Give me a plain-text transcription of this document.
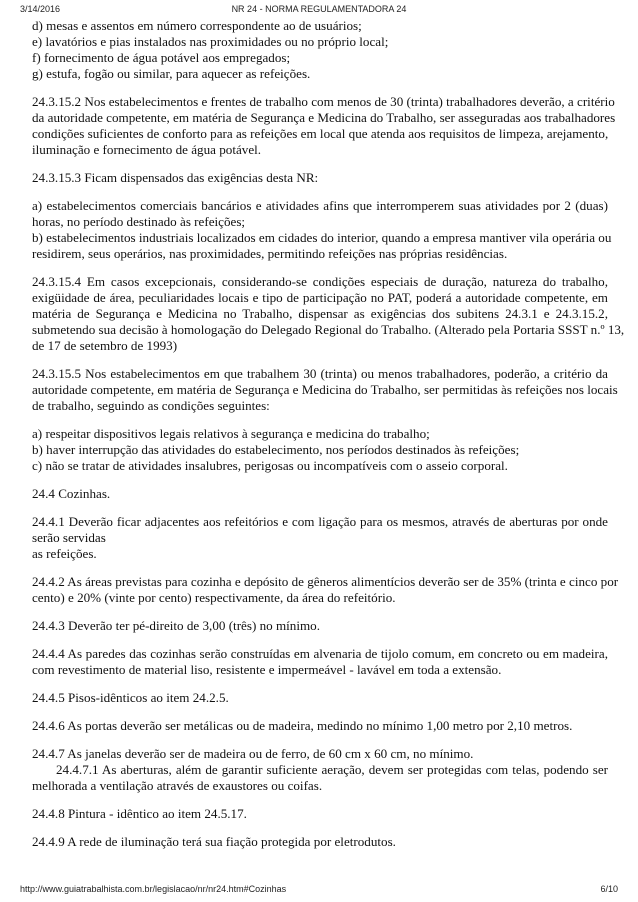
3/14/2016	NR 24 - NORMA REGULAMENTADORA 24

d) mesas e assentos em número correspondente ao de usuários;
e) lavatórios e pias instalados nas proximidades ou no próprio local;
f) fornecimento de água potável aos empregados;
g) estufa, fogão ou similar, para aquecer as refeições.

24.3.15.2 Nos estabelecimentos e frentes de trabalho com menos de 30 (trinta) trabalhadores deverão, a critério
da autoridade competente, em matéria de Segurança e Medicina do Trabalho, ser asseguradas aos trabalhadores
condições suficientes de conforto para as refeições em local que atenda aos requisitos de limpeza, arejamento,
iluminação e fornecimento de água potável.

24.3.15.3 Ficam dispensados das exigências desta NR:

a) estabelecimentos comerciais bancários e atividades afins que interromperem suas atividades por 2 (duas)
horas, no período destinado às refeições;
b) estabelecimentos industriais localizados em cidades do interior, quando a empresa mantiver vila operária ou
residirem, seus operários, nas proximidades, permitindo refeições nas próprias residências.

24.3.15.4 Em casos excepcionais, considerando-se condições especiais de duração, natureza do trabalho,
exigüidade de área, peculiaridades locais e tipo de participação no PAT, poderá a autoridade competente, em
matéria de Segurança e Medicina no Trabalho, dispensar as exigências dos subitens 24.3.1 e 24.3.15.2,
submetendo sua decisão à homologação do Delegado Regional do Trabalho. (Alterado pela Portaria SSST n.º 13,
de 17 de setembro de 1993)

24.3.15.5 Nos estabelecimentos em que trabalhem 30 (trinta) ou menos trabalhadores, poderão, a critério da
autoridade competente, em matéria de Segurança e Medicina do Trabalho, ser permitidas às refeições nos locais
de trabalho, seguindo as condições seguintes:

a) respeitar dispositivos legais relativos à segurança e medicina do trabalho;
b) haver interrupção das atividades do estabelecimento, nos períodos destinados às refeições;
c) não se tratar de atividades insalubres, perigosas ou incompatíveis com o asseio corporal.

24.4 Cozinhas.

24.4.1 Deverão ficar adjacentes aos refeitórios e com ligação para os mesmos, através de aberturas por onde
serão servidas
as refeições.

24.4.2 As áreas previstas para cozinha e depósito de gêneros alimentícios deverão ser de 35% (trinta e cinco por
cento) e 20% (vinte por cento) respectivamente, da área do refeitório.

24.4.3 Deverão ter pé-direito de 3,00 (três) no mínimo.

24.4.4 As paredes das cozinhas serão construídas em alvenaria de tijolo comum, em concreto ou em madeira,
com revestimento de material liso, resistente e impermeável - lavável em toda a extensão.

24.4.5 Pisos-idênticos ao item 24.2.5.

24.4.6 As portas deverão ser metálicas ou de madeira, medindo no mínimo 1,00 metro por 2,10 metros.

24.4.7 As janelas deverão ser de madeira ou de ferro, de 60 cm x 60 cm, no mínimo.
24.4.7.1 As aberturas, além de garantir suficiente aeração, devem ser protegidas com telas, podendo ser
melhorada a ventilação através de exaustores ou coifas.

24.4.8 Pintura - idêntico ao item 24.5.17.

24.4.9 A rede de iluminação terá sua fiação protegida por eletrodutos.

http://www.guiatrabalhista.com.br/legislacao/nr/nr24.htm#Cozinhas	6/10
